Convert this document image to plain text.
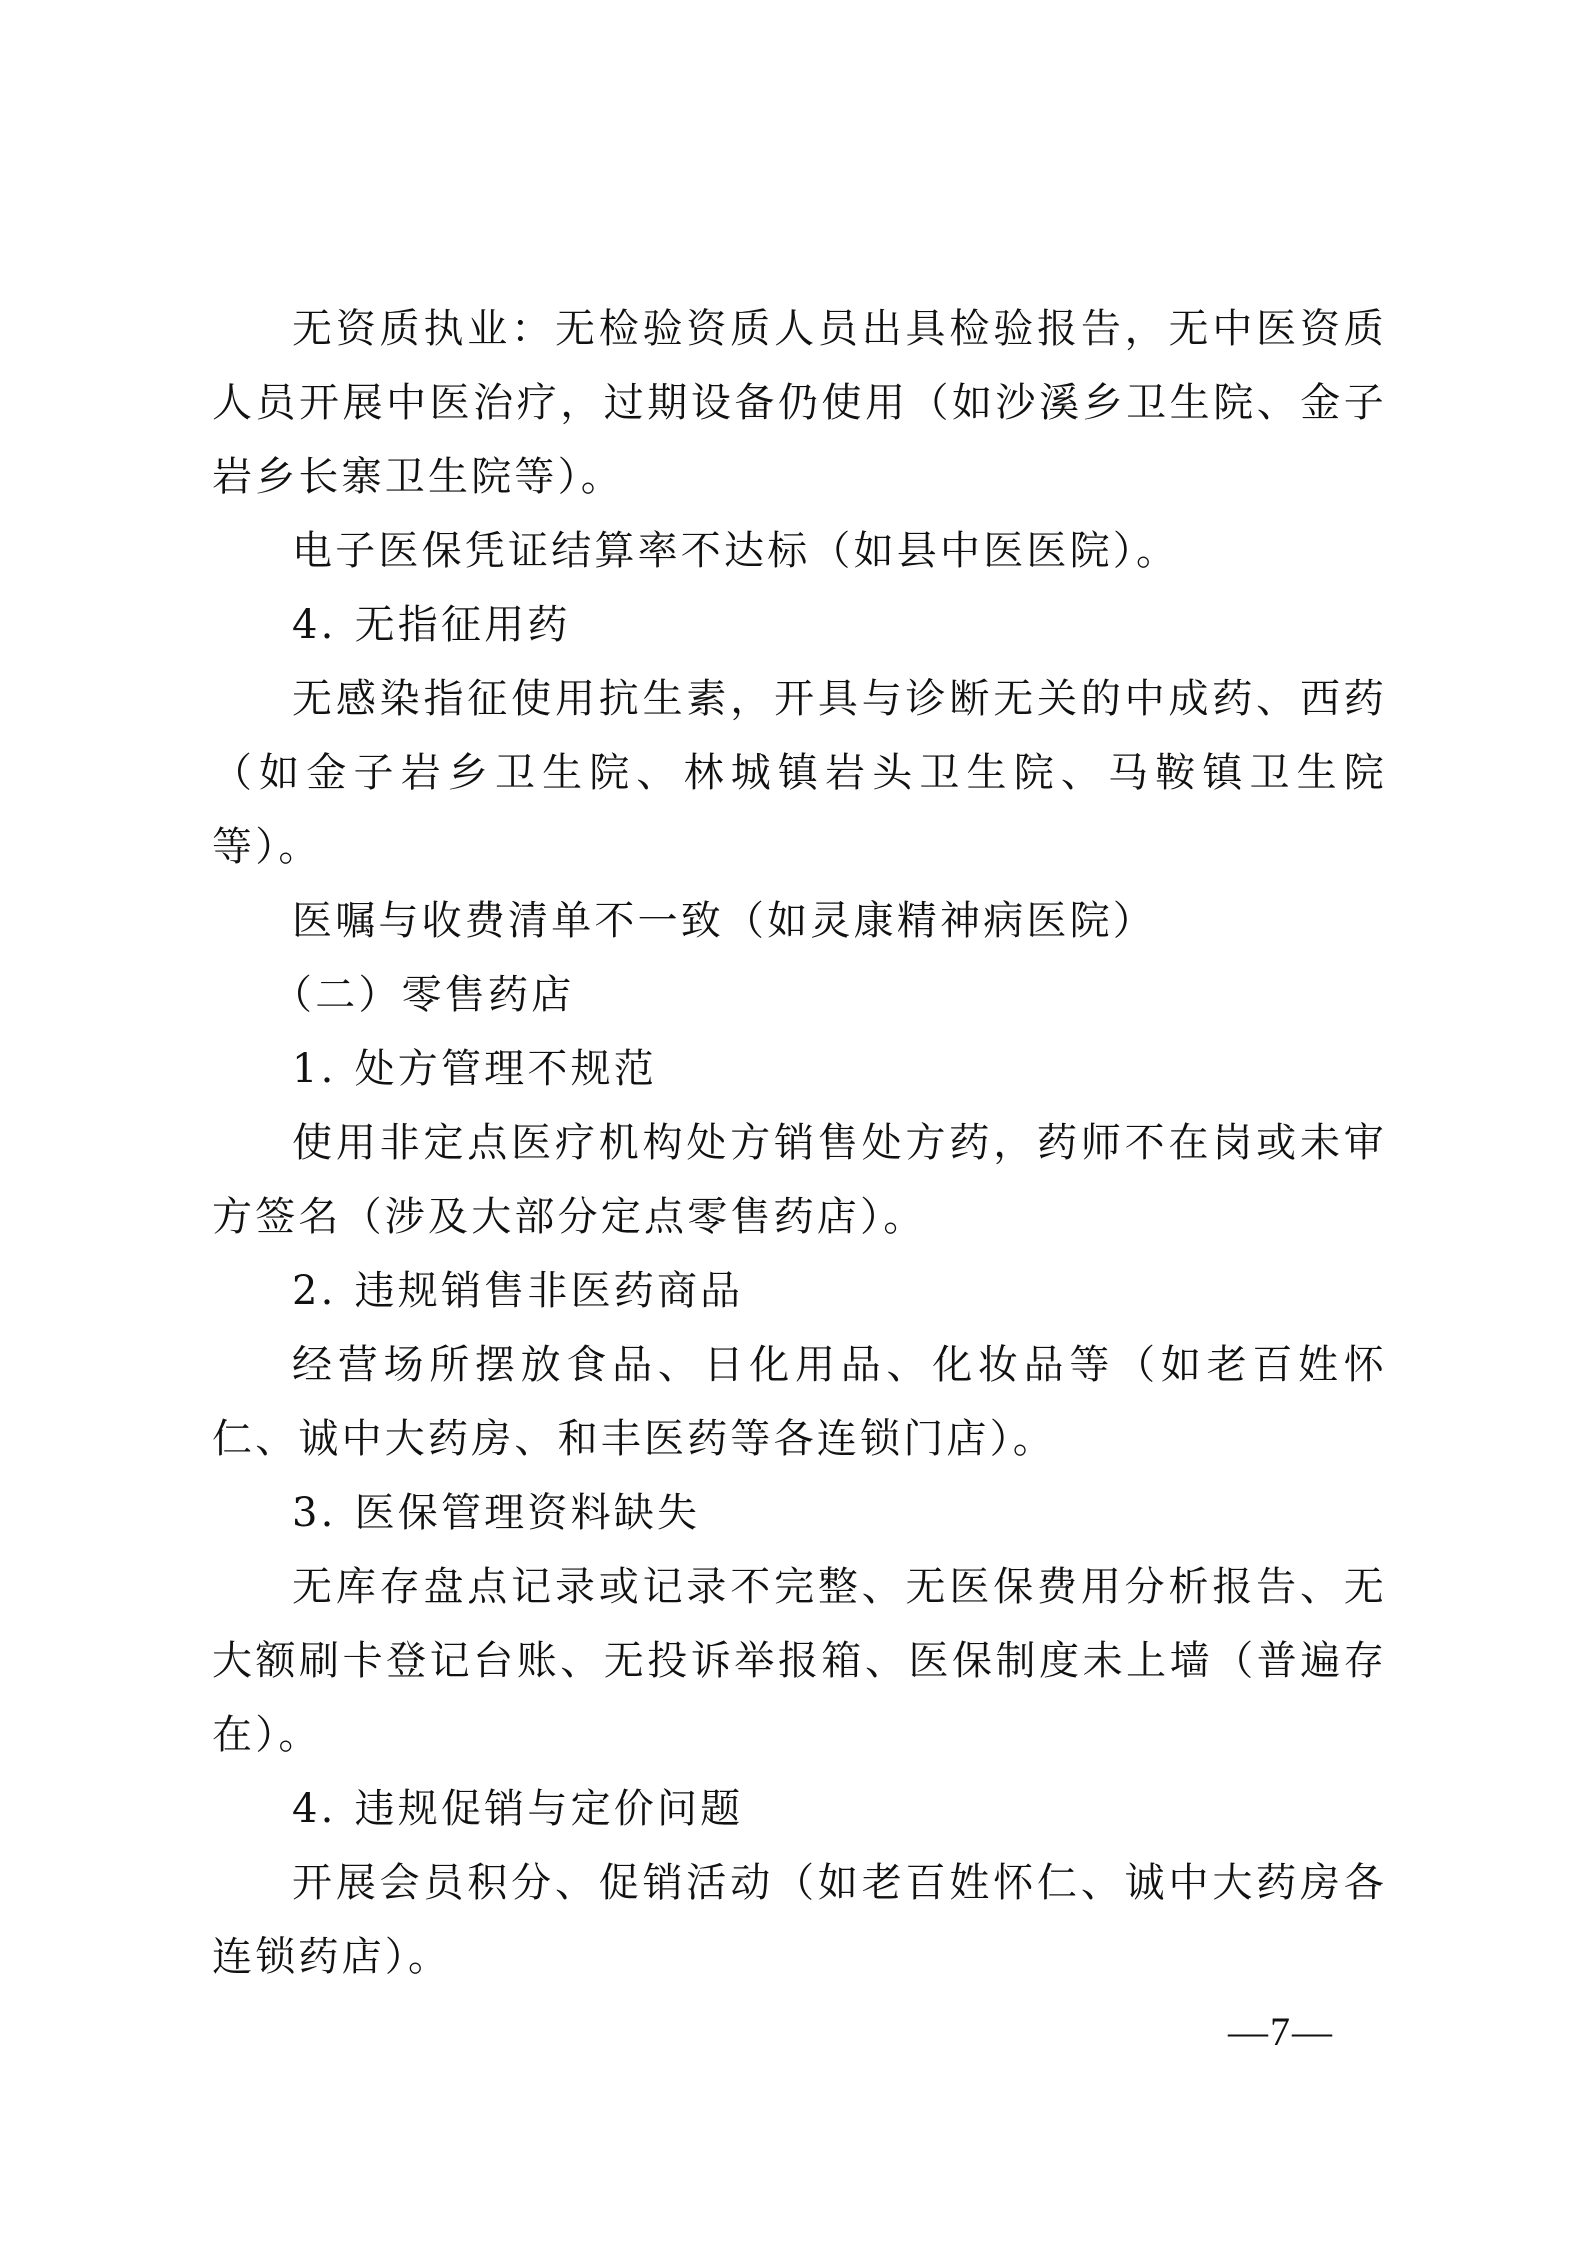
无资质执业：无检验资质人员出具检验报告，无中医资质人员开展中医治疗，过期设备仍使用（如沙溪乡卫生院、金子岩乡长寨卫生院等）。

电子医保凭证结算率不达标（如县中医医院）。

4. 无指征用药

无感染指征使用抗生素，开具与诊断无关的中成药、西药（如金子岩乡卫生院、林城镇岩头卫生院、马鞍镇卫生院等）。

医嘱与收费清单不一致（如灵康精神病医院）

（二）零售药店

1. 处方管理不规范

使用非定点医疗机构处方销售处方药，药师不在岗或未审方签名（涉及大部分定点零售药店）。

2. 违规销售非医药商品

经营场所摆放食品、日化用品、化妆品等（如老百姓怀仁、诚中大药房、和丰医药等各连锁门店）。

3. 医保管理资料缺失

无库存盘点记录或记录不完整、无医保费用分析报告、无大额刷卡登记台账、无投诉举报箱、医保制度未上墙（普遍存在）。

4. 违规促销与定价问题

开展会员积分、促销活动（如老百姓怀仁、诚中大药房各连锁药店）。

—7—
